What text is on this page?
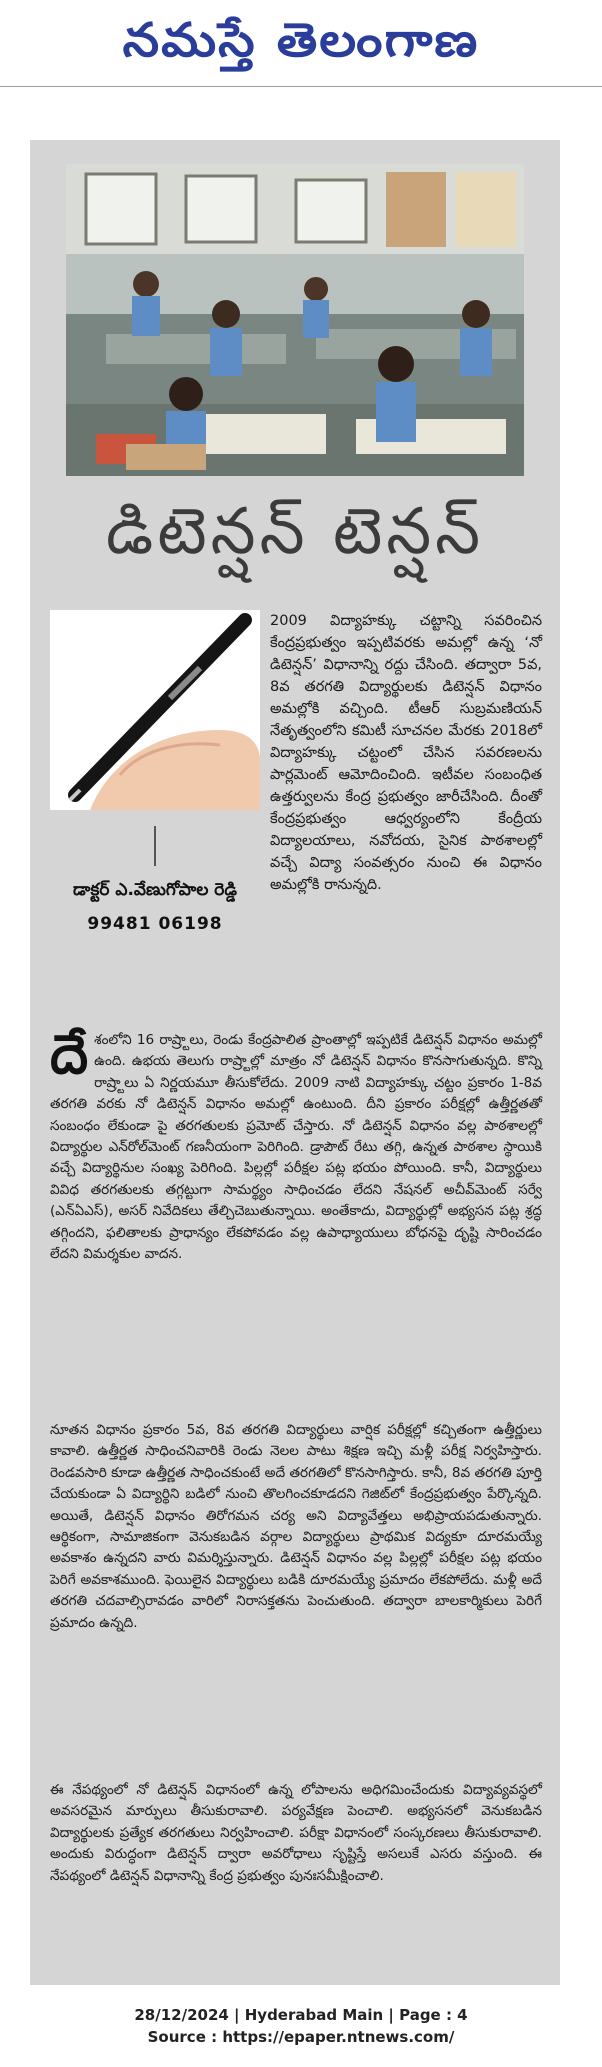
నమస్తే తెలంగాణ
డిటెన్షన్ టెన్షన్
డాక్టర్ ఎ.వేణుగోపాల రెడ్డి
99481 06198
2009 విద్యాహక్కు చట్టాన్ని సవరించిన కేంద్రప్రభుత్వం ఇప్పటివరకు అమల్లో ఉన్న ‘నో డిటెన్షన్’ విధానాన్ని రద్దు చేసింది. తద్వారా 5వ, 8వ తరగతి విద్యార్థులకు డిటెన్షన్ విధానం అమల్లోకి వచ్చింది. టీఆర్ సుబ్రమణియన్ నేతృత్వంలోని కమిటీ సూచనల మేరకు 2018లో విద్యాహక్కు చట్టంలో చేసిన సవరణలను పార్లమెంట్ ఆమోదించింది. ఇటీవల సంబంధిత ఉత్తర్వులను కేంద్ర ప్రభుత్వం జారీచేసింది. దీంతో కేంద్రప్రభుత్వం ఆధ్వర్యంలోని కేంద్రీయ విద్యాలయాలు, నవోదయ, సైనిక పాఠశాలల్లో వచ్చే విద్యా సంవత్సరం నుంచి ఈ విధానం అమల్లోకి రానున్నది.
దే శంలోని 16 రాష్ర్టాలు, రెండు కేంద్రపాలిత ప్రాంతాల్లో ఇప్పటికే డిటెన్షన్ విధానం అమల్లో ఉంది. ఉభయ తెలుగు రాష్ర్టాల్లో మాత్రం నో డిటెన్షన్ విధానం కొనసాగుతున్నది. కొన్ని రాష్ర్టాలు ఏ నిర్ణయమూ తీసుకోలేదు. 2009 నాటి విద్యాహక్కు చట్టం ప్రకారం 1-8వ తరగతి వరకు నో డిటెన్షన్ విధానం అమల్లో ఉంటుంది. దీని ప్రకారం పరీక్షల్లో ఉత్తీర్ణతతో సంబంధం లేకుండా పై తరగతులకు ప్రమోట్ చేస్తారు. నో డిటెన్షన్ విధానం వల్ల పాఠశాలల్లో విద్యార్థుల ఎన్‌రోల్‌మెంట్ గణనీయంగా పెరిగింది. డ్రాపౌట్ రేటు తగ్గి, ఉన్నత పాఠశాల స్థాయికి వచ్చే విద్యార్థినుల సంఖ్య పెరిగింది. పిల్లల్లో పరీక్షల పట్ల భయం పోయింది. కానీ, విద్యార్థులు వివిధ తరగతులకు తగ్గట్టుగా సామర్థ్యం సాధించడం లేదని నేషనల్ అచీవ్‌మెంట్ సర్వే (ఎన్ఏఎస్), అసర్ నివేదికలు తేల్చిచెబుతున్నాయి. అంతేకాదు, విద్యార్థుల్లో అభ్యసన పట్ల శ్రద్ధ తగ్గిందని, ఫలితాలకు ప్రాధాన్యం లేకపోవడం వల్ల ఉపాధ్యాయులు బోధనపై దృష్టి సారించడం లేదని విమర్శకుల వాదన.
నూతన విధానం ప్రకారం 5వ, 8వ తరగతి విద్యార్థులు వార్షిక పరీక్షల్లో కచ్చితంగా ఉత్తీర్ణులు కావాలి. ఉత్తీర్ణత సాధించనివారికి రెండు నెలల పాటు శిక్షణ ఇచ్చి మళ్లీ పరీక్ష నిర్వహిస్తారు. రెండవసారి కూడా ఉత్తీర్ణత సాధించకుంటే అదే తరగతిలో కొనసాగిస్తారు. కానీ, 8వ తరగతి పూర్తి చేయకుండా ఏ విద్యార్థిని బడిలో నుంచి తొలగించకూడదని గెజిట్‌లో కేంద్రప్రభుత్వం పేర్కొన్నది. అయితే, డిటెన్షన్ విధానం తిరోగమన చర్య అని విద్యావేత్తలు అభిప్రాయపడుతున్నారు. ఆర్థికంగా, సామాజికంగా వెనుకబడిన వర్గాల విద్యార్థులు ప్రాథమిక విద్యకూ దూరమయ్యే అవకాశం ఉన్నదని వారు విమర్శిస్తున్నారు. డిటెన్షన్ విధానం వల్ల పిల్లల్లో పరీక్షల పట్ల భయం పెరిగే అవకాశముంది. ఫెయిలైన విద్యార్థులు బడికి దూరమయ్యే ప్రమాదం లేకపోలేదు. మళ్లీ అదే తరగతి చదవాల్సిరావడం వారిలో నిరాసక్తతను పెంచుతుంది. తద్వారా బాలకార్మికులు పెరిగే ప్రమాదం ఉన్నది.
ఈ నేపథ్యంలో నో డిటెన్షన్ విధానంలో ఉన్న లోపాలను అధిగమించేందుకు విద్యావ్యవస్థలో అవసరమైన మార్పులు తీసుకురావాలి. పర్యవేక్షణ పెంచాలి. అభ్యసనలో వెనుకబడిన విద్యార్థులకు ప్రత్యేక తరగతులు నిర్వహించాలి. పరీక్షా విధానంలో సంస్కరణలు తీసుకురావాలి. అందుకు విరుద్ధంగా డిటెన్షన్ ద్వారా అవరోధాలు సృష్టిస్తే అసలుకే ఎసరు వస్తుంది. ఈ నేపథ్యంలో డిటెన్షన్ విధానాన్ని కేంద్ర ప్రభుత్వం పునఃసమీక్షించాలి.
28/12/2024 | Hyderabad Main | Page : 4
Source : https://epaper.ntnews.com/
